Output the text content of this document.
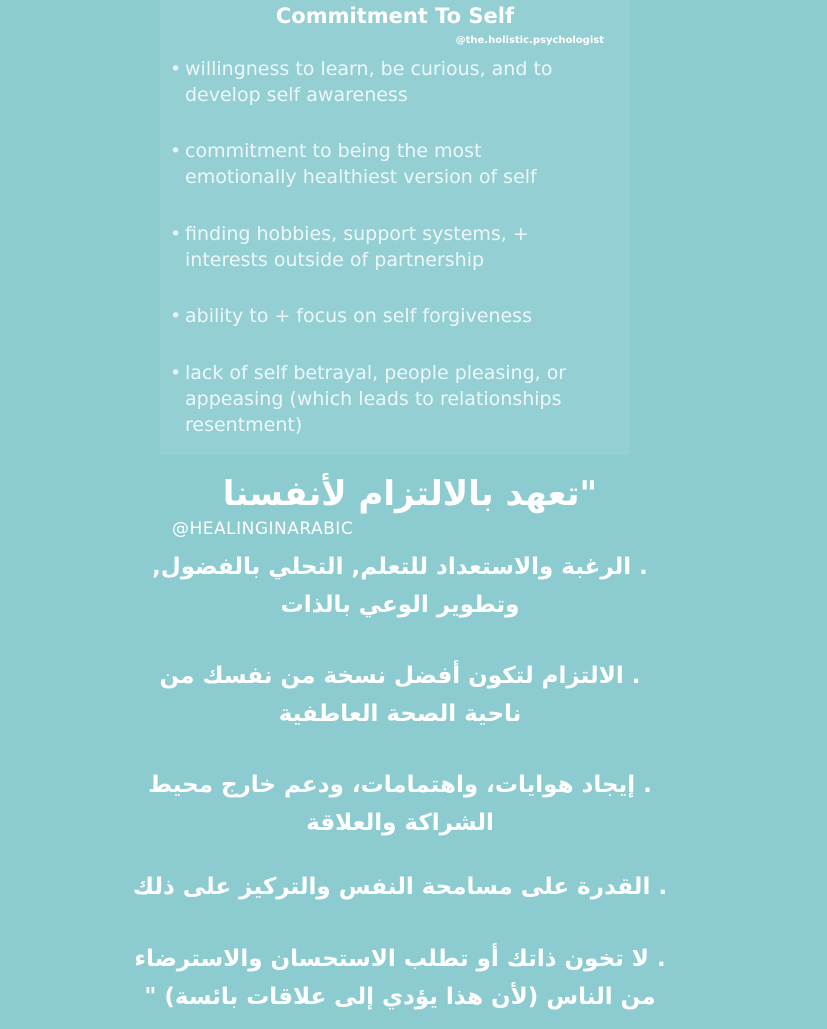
Commitment To Self
@the.holistic.psychologist
• willingness to learn, be curious, and to
develop self awareness
• commitment to being the most
emotionally healthiest version of self
• finding hobbies, support systems, +
interests outside of partnership
• ability to + focus on self forgiveness
• lack of self betrayal, people pleasing, or
appeasing (which leads to relationships
resentment)
"تعهد بالالتزام لأنفسنا
@HEALINGINARABIC
. الرغبة والاستعداد للتعلم, التحلي بالفضول,
وتطوير الوعي بالذات
. الالتزام لتكون أفضل نسخة من نفسك من
ناحية الصحة العاطفية
. إيجاد هوايات، واهتمامات، ودعم خارج محيط
الشراكة والعلاقة
. القدرة على مسامحة النفس والتركيز على ذلك
. لا تخون ذاتك أو تطلب الاستحسان والاسترضاء
من الناس (لأن هذا يؤدي إلى علاقات بائسة) "
